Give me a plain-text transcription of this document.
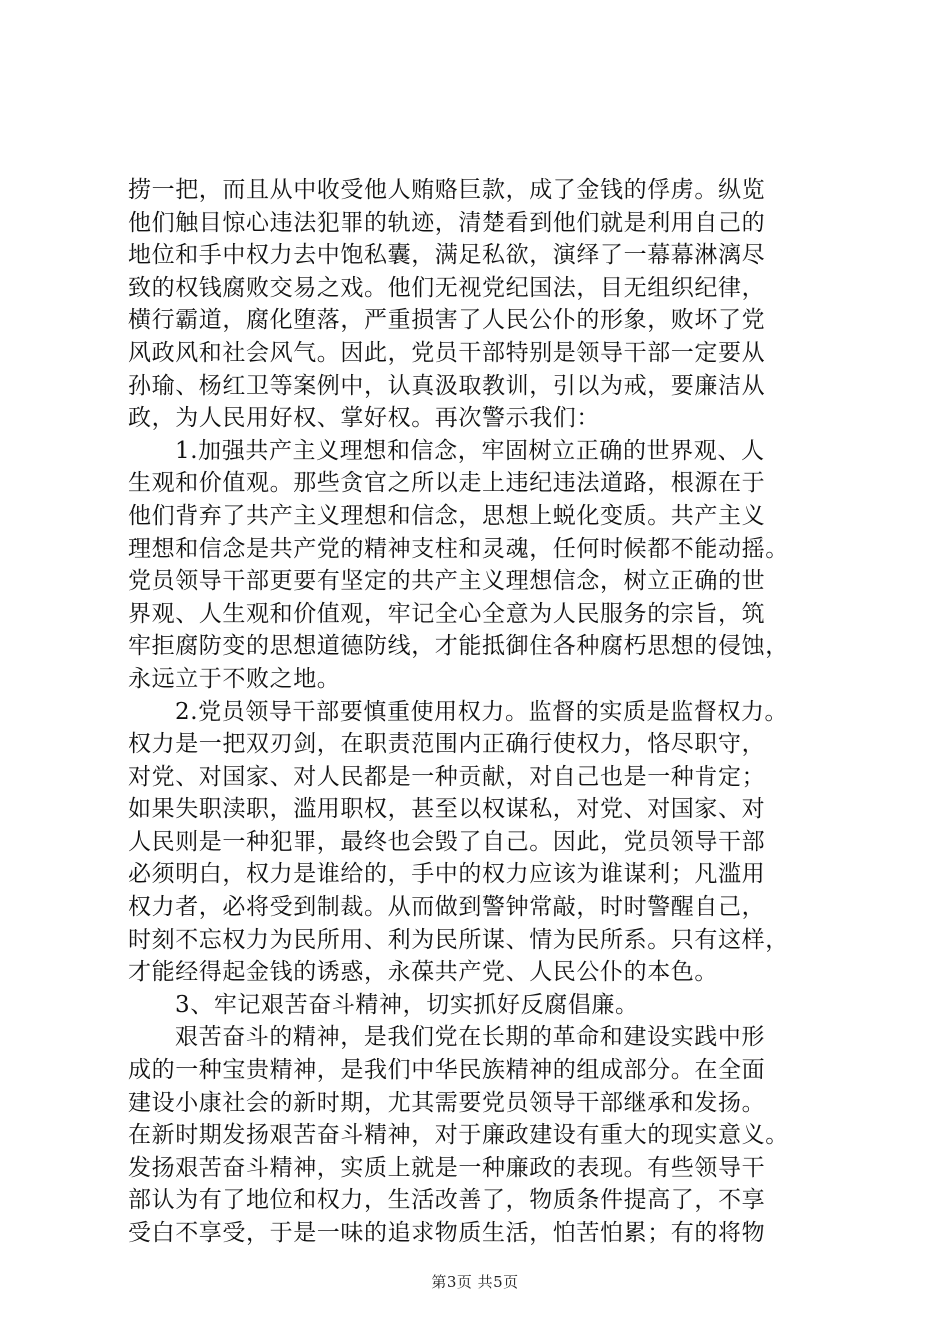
捞一把，而且从中收受他人贿赂巨款，成了金钱的俘虏。纵览
他们触目惊心违法犯罪的轨迹，清楚看到他们就是利用自己的
地位和手中权力去中饱私囊，满足私欲，演绎了一幕幕淋漓尽
致的权钱腐败交易之戏。他们无视党纪国法，目无组织纪律，
横行霸道，腐化堕落，严重损害了人民公仆的形象，败坏了党
风政风和社会风气。因此，党员干部特别是领导干部一定要从
孙瑜、杨红卫等案例中，认真汲取教训，引以为戒，要廉洁从
政，为人民用好权、掌好权。再次警示我们：
1.加强共产主义理想和信念，牢固树立正确的世界观、人
生观和价值观。那些贪官之所以走上违纪违法道路，根源在于
他们背弃了共产主义理想和信念，思想上蜕化变质。共产主义
理想和信念是共产党的精神支柱和灵魂，任何时候都不能动摇。
党员领导干部更要有坚定的共产主义理想信念，树立正确的世
界观、人生观和价值观，牢记全心全意为人民服务的宗旨，筑
牢拒腐防变的思想道德防线，才能抵御住各种腐朽思想的侵蚀，
永远立于不败之地。
2.党员领导干部要慎重使用权力。监督的实质是监督权力。
权力是一把双刃剑，在职责范围内正确行使权力，恪尽职守，
对党、对国家、对人民都是一种贡献，对自己也是一种肯定；
如果失职渎职，滥用职权，甚至以权谋私，对党、对国家、对
人民则是一种犯罪，最终也会毁了自己。因此，党员领导干部
必须明白，权力是谁给的，手中的权力应该为谁谋利；凡滥用
权力者，必将受到制裁。从而做到警钟常敲，时时警醒自己，
时刻不忘权力为民所用、利为民所谋、情为民所系。只有这样，
才能经得起金钱的诱惑，永葆共产党、人民公仆的本色。
3、牢记艰苦奋斗精神，切实抓好反腐倡廉。
艰苦奋斗的精神，是我们党在长期的革命和建设实践中形
成的一种宝贵精神，是我们中华民族精神的组成部分。在全面
建设小康社会的新时期，尤其需要党员领导干部继承和发扬。
在新时期发扬艰苦奋斗精神，对于廉政建设有重大的现实意义。
发扬艰苦奋斗精神，实质上就是一种廉政的表现。有些领导干
部认为有了地位和权力，生活改善了，物质条件提高了，不享
受白不享受，于是一味的追求物质生活，怕苦怕累；有的将物
第3页 共5页
